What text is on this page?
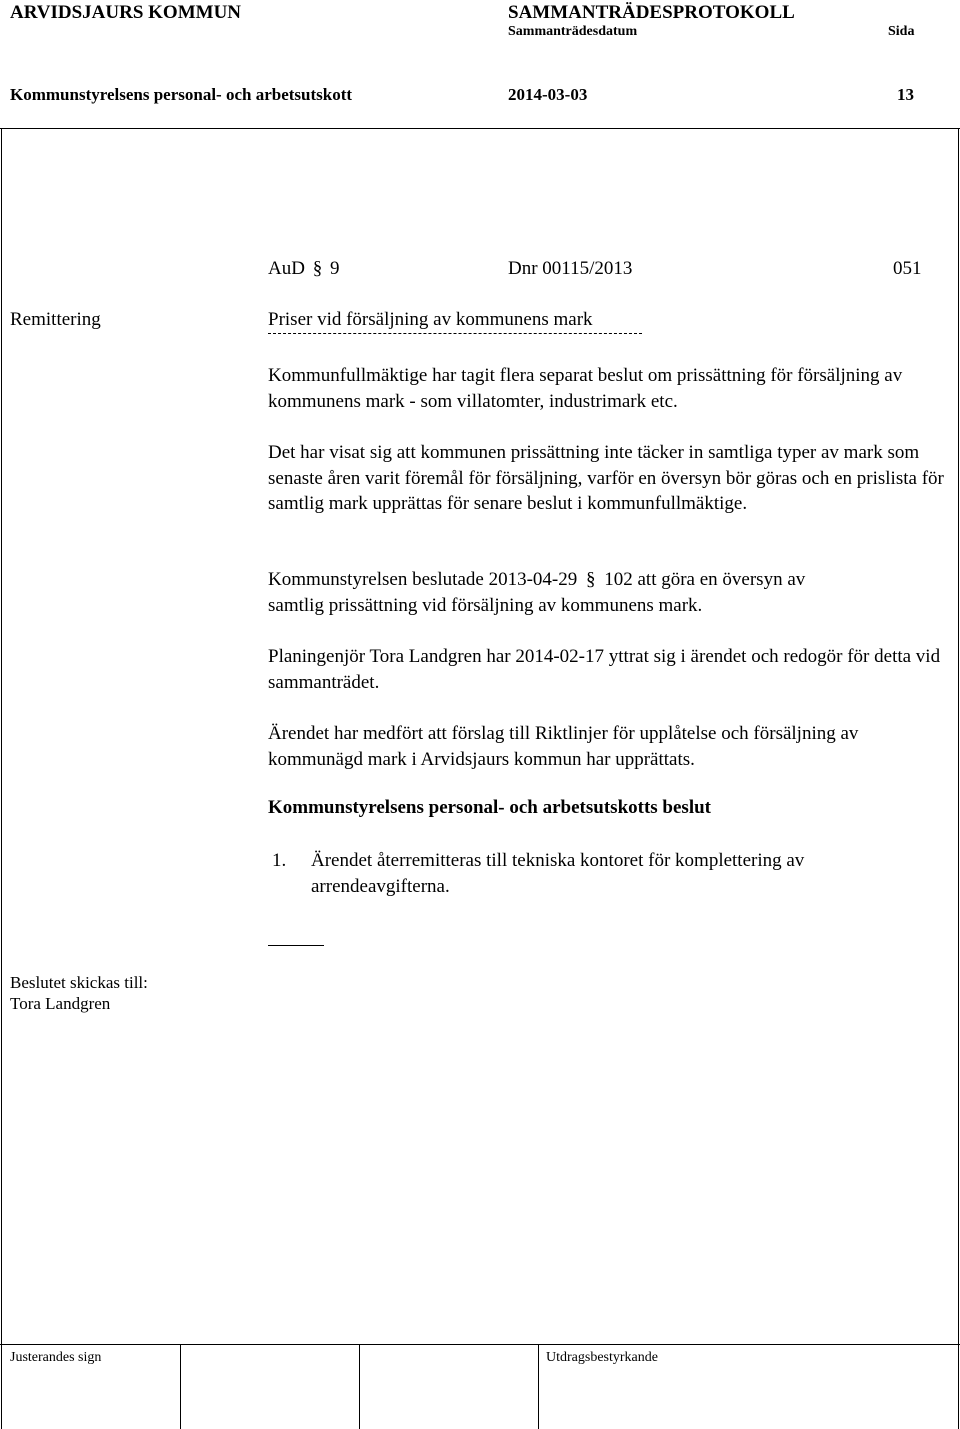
ARVIDSJAURS KOMMUN	SAMMANTRÄDESPROTOKOLL
Sammanträdesdatum	Sida
Kommunstyrelsens personal- och arbetsutskott	2014-03-03	13
AuD § 9	Dnr 00115/2013	051
Remittering	Priser vid försäljning av kommunens mark
Kommunfullmäktige har tagit flera separat beslut om prissättning för försäljning av kommunens mark - som villatomter, industrimark etc.
Det har visat sig att kommunen prissättning inte täcker in samtliga typer av mark som senaste åren varit föremål för försäljning, varför en översyn bör göras och en prislista för samtlig mark upprättas för senare beslut i kommunfullmäktige.
Kommunstyrelsen beslutade 2013-04-29 § 102 att göra en översyn av
samtlig prissättning vid försäljning av kommunens mark.
Planingenjör Tora Landgren har 2014-02-17 yttrat sig i ärendet och redogör för detta vid sammanträdet.
Ärendet har medfört att förslag till Riktlinjer för upplåtelse och försäljning av kommunägd mark i Arvidsjaurs kommun har upprättats.
Kommunstyrelsens personal- och arbetsutskotts beslut
1. Ärendet återremitteras till tekniska kontoret för komplettering av arrendeavgifterna.
Beslutet skickas till:
Tora Landgren
Justerandes sign	Utdragsbestyrkande
